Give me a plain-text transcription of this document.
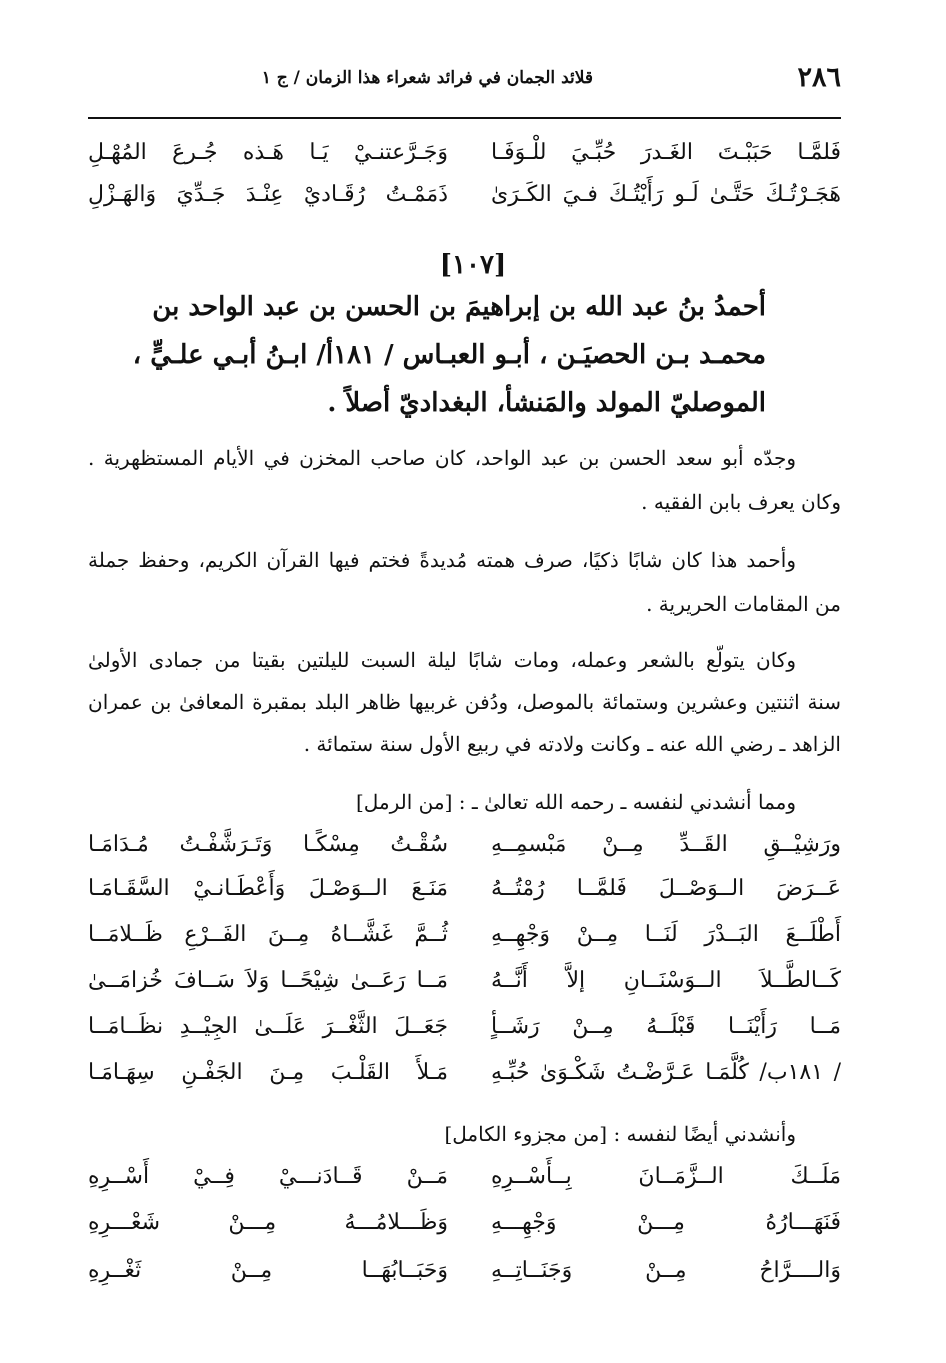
٢٨٦
قلائد الجمان في فرائد شعراء هذا الزمان / ج ١
فَلمَّـا حَبَبْـتَ الغَـدرَ حُبِّـيَ للْـوَفَـا
وَجَـرَّعتنـيْ يَـا هَـذه جُـرعَ المُهْـلِ
هَجَـرْتُـكَ حَتَّـىٰ لَـو رَأَيْتُـكَ فـيَ الكَـرَىٰ
ذَمَمْـتُ رُقَـاديْ عِنْـدَ جَـدِّيَ وَالهَـزْلِ
[١٠٧]
أحمدُ بنُ عبد الله بن إبراهيمَ بن الحسن بن عبد الواحد بن
محمـد بـن الحصيَـن ، أبـو العبـاس / ١٨١أ/ ابـنُ أبـي علـيٍّ ،
الموصليّ المولد والمَنشأ، البغداديّ أصلاً .
وجدّه أبو سعد الحسن بن عبد الواحد، كان صاحب المخزن في الأيام المستظهرية .
وكان يعرف بابن الفقيه .
وأحمد هذا كان شابًا ذكيًا، صرف همته مُديدةً فختم فيها القرآن الكريم، وحفظ جملة
من المقامات الحريرية .
وكان يتولّع بالشعر وعمله، ومات شابًا ليلة السبت لليلتين بقيتا من جمادى الأولىٰ
سنة اثنتين وعشرين وستمائة بالموصل، ودُفن غربيها ظاهر البلد بمقبرة المعافىٰ بن عمران
الزاهد ـ رضي الله عنه ـ وكانت ولادته في ربيع الأول سنة ستمائة .
ومما أنشدني لنفسه ـ رحمه الله تعالىٰ ـ : [من الرمل]
ورَشِيْــقِ القَــدِّ مِــنْ مَبْسمِــهِ
سُقْـتُ مِسْكًـا وَتَـرَشَّفْـتُ مُـدَامَـا
عَــرَضَ الــوَصْــلَ فَلمَّــا رُمْتُــهُ
مَنَـعَ الــوَصْـلَ وَأَعْطَـانـيْ السَّقَـامَـا
أَطْلَــعَ البَــدْرَ لَنَــا مِــنْ وَجْهِــهِ
ثُــمَّ غَشَّــاهُ مِــنَ الفَــرْعِ ظَــلامَــا
كَــالطَّــلاَ الــوَسْنَــانِ إلاَّ أَنَّــهُ
مَــا رَعَــىٰ شِيْحًــا وَلاَ سَــافَ خُزامَــىٰ
مَــا رَأَيْنَــا قَبْلَــهُ مِــنْ رَشَــأٍ
جَعَــلَ الثَّغْــرَ عَلَــىٰ الجِيْــدِ نظَــامَــا
/ ١٨١ب/ كُلَّمَـا عَـرَّضْـتُ شَكْـوَىٰ حُبِّـهِ
مَـلأَ القَلْـبَ مِـنَ الجَفْـنِ سِهَـامَـا
وأنشدني أيضًا لنفسه : [من مجزوء الكامل]
مَلَــكَ الــزَّمَــانَ بِــأَسْــرِهِ
مَــنْ قَــادَنـــيْ فِــيْ أَسْــرِهِ
فَنَهَـــارُهُ مِـــنْ وَجْهِـــهِ
وَظَـــلامُـــهُ مِـــنْ شَعْـــرِهِ
وَالــــرَّاحُ مِــنْ وَجَنَــاتِــهِ
وَحَبَــابُهَــا مِــنْ ثَغْــرِهِ
